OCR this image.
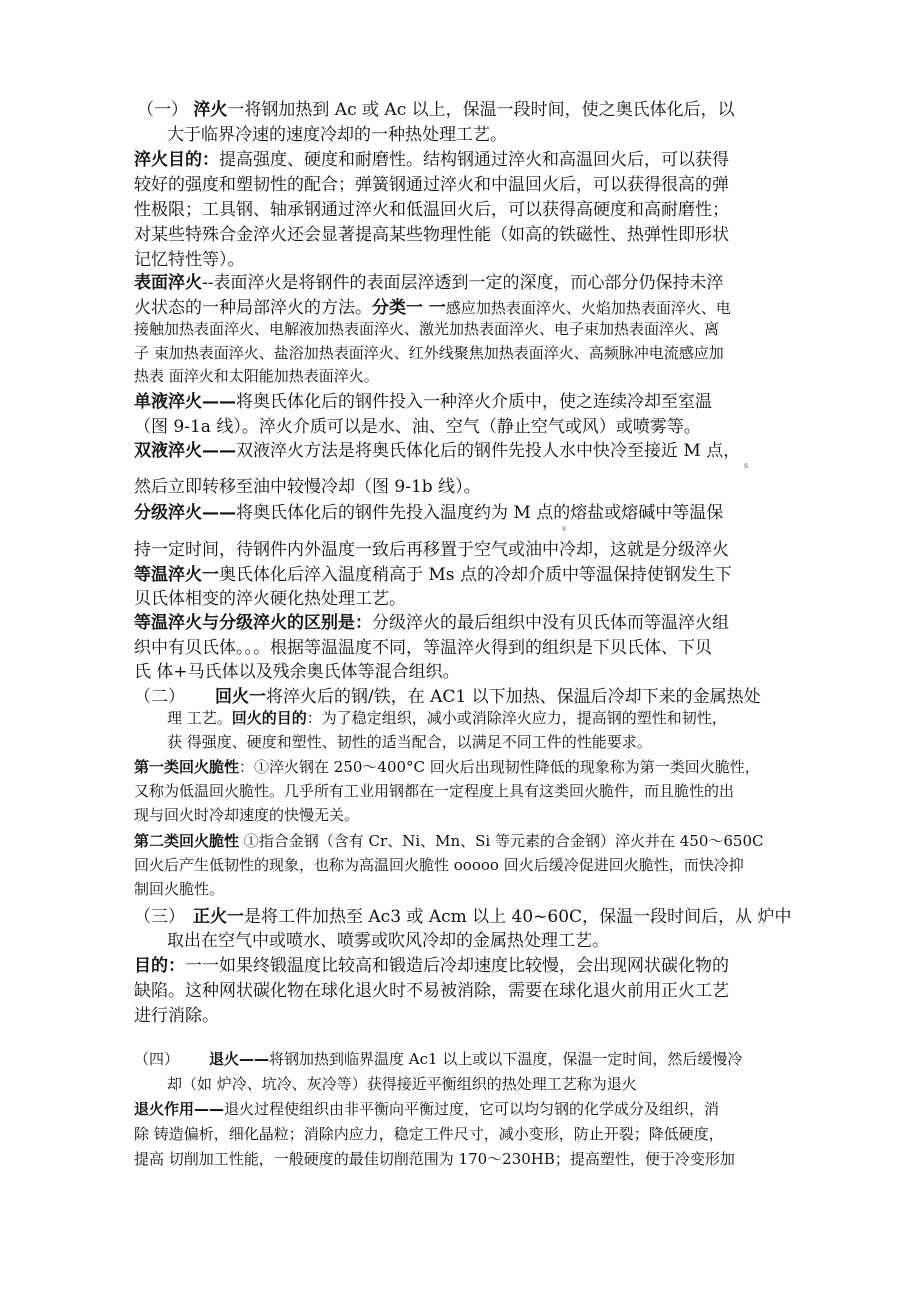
（一） 淬火一将钢加热到 Ac 或 Ac 以上，保温一段时间，使之奥氏体化后，以

大于临界冷速的速度冷却的一种热处理工艺。

淬火目的：提高强度、硬度和耐磨性。结构钢通过淬火和高温回火后，可以获得

较好的强度和塑韧性的配合；弹簧钢通过淬火和中温回火后，可以获得很高的弹

性极限；工具钢、轴承钢通过淬火和低温回火后，可以获得高硬度和高耐磨性；

对某些特殊合金淬火还会显著提高某些物理性能（如高的铁磁性、热弹性即形状

记忆特性等）。

表面淬火--表面淬火是将钢件的表面层淬透到一定的深度，而心部分仍保持未淬

火状态的一种局部淬火的方法。分类一 一感应加热表面淬火、火焰加热表面淬火、电

接触加热表面淬火、电解液加热表面淬火、激光加热表面淬火、电子束加热表面淬火、离

子 束加热表面淬火、盐浴加热表面淬火、红外线聚焦加热表面淬火、高频脉冲电流感应加

热表 面淬火和太阳能加热表面淬火。

单液淬火——将奥氏体化后的钢件投入一种淬火介质中，使之连续冷却至室温

（图 9-1a 线）。淬火介质可以是水、油、空气（静止空气或风）或喷雾等。

双液淬火——双液淬火方法是将奥氏体化后的钢件先投人水中快冷至接近 M 点，

s

然后立即转移至油中较慢冷却（图 9-1b 线）。

分级淬火——将奥氏体化后的钢件先投入温度约为 M 点的熔盐或熔碱中等温保

s

持一定时间，待钢件内外温度一致后再移置于空气或油中冷却，这就是分级淬火

等温淬火一奥氏体化后淬入温度稍高于 Ms 点的冷却介质中等温保持使钢发生下

贝氏体相变的淬火硬化热处理工艺。

等温淬火与分级淬火的区别是：分级淬火的最后组织中没有贝氏体而等温淬火组

织中有贝氏体。。。根据等温温度不同，等温淬火得到的组织是下贝氏体、下贝

氏 体+马氏体以及残余奥氏体等混合组织。

（二） 回火一将淬火后的钢/铁，在 AC1 以下加热、保温后冷却下来的金属热处

理 工艺。回火的目的：为了稳定组织，减小或消除淬火应力，提高钢的塑性和韧性，

获 得强度、硬度和塑性、韧性的适当配合，以满足不同工件的性能要求。

第一类回火脆性：①淬火钢在 250～400°C 回火后出现韧性降低的现象称为第一类回火脆性，

又称为低温回火脆性。几乎所有工业用钢都在一定程度上具有这类回火脆件，而且脆性的出

现与回火时冷却速度的快慢无关。

第二类回火脆性 ①指合金钢（含有 Cr、Ni、Mn、Si 等元素的合金钢）淬火并在 450～650C

回火后产生低韧性的现象，也称为高温回火脆性 ooooo 回火后缓冷促进回火脆性，而快冷抑

制回火脆性。

（三） 正火一是将工件加热至 Ac3 或 Acm 以上 40~60C，保温一段时间后，从 炉中

取出在空气中或喷水、喷雾或吹风冷却的金属热处理工艺。

目的：一一如果终锻温度比较高和锻造后冷却速度比较慢，会出现网状碳化物的

缺陷。这种网状碳化物在球化退火时不易被消除，需要在球化退火前用正火工艺

进行消除。

（四） 退火——将钢加热到临界温度 Ac1 以上或以下温度，保温一定时间，然后缓慢冷

却（如 炉冷、坑冷、灰冷等）获得接近平衡组织的热处理工艺称为退火

退火作用——退火过程使组织由非平衡向平衡过度，它可以均匀钢的化学成分及组织，消

除 铸造偏析，细化晶粒；消除内应力，稳定工件尺寸，减小变形，防止开裂；降低硬度，

提高 切削加工性能，一般硬度的最佳切削范围为 170～230HB；提高塑性，便于冷变形加
